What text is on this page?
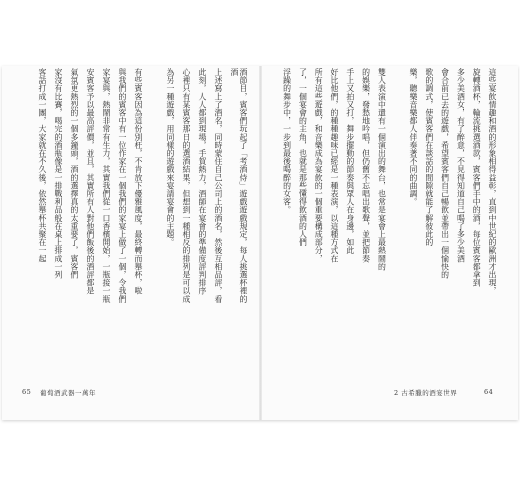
酒節目，賓客們玩起了「考酒侍」遊戲遊戲規定，每人挑選杯裡的酒
上述寫上了酒名，同時蒙住自己公司上的酒名，然後互相品評，看
此刻，人人都到現場，手賀熱力，酒師在宴會的準備度評判排序
心裡只有某賓客那日的選酒結果，但想到一種相反的排列是可以成
為另一種遊戲，用同樣的遊戲來宴請宴會的主題。
有些賓客因為這份別枉，不肯放下優雅風度，最終轉而舉杯，啦
與我們的賓客中有一位作家在一個我們的家宴上做了一個，令我們
家宴與，熱鬧非常有生力，其實我們從一口香檳開始，一瓶接一瓶
安賓客予以最高評價，並且，其實所有人對他們飯後的酒評都是
氣氛更熱烈的一個多鐘頭，酒的選擇真的太重要了，賓客們
家沒有比賽，喝完的酒瓶像是一排戰利品般在桌上排成一列
客話打成一團，大家就在不久後，依然舉杯共聚在一起	這些宴飲情趣和酒的形象相得益彰，直到中世紀的歐洲才出現，
旋轉酒杯，輪流挑選酒款，賓客們手中的酒，每位賓客都拿到
多少美酒女，有了醉意，不見得知道自己喝了多少美酒
會合前已去的遊戲，希望賓客們自己暢飲並帶出一個愉快的
歌的調式，使賓客們在談話的間隙就能了解彼此的
樂，聽樂音樂都人伴奏著不同的曲調。
雙人表演中還有一個演出的舞台，也常是宴會上最熱鬧的
的娛樂，發愁地吟唱，但仍舊不忘唱出歌聲，並把節奏
手上又拍又打，舞步擺動的節奏與眾人在身邊，如此
好比他們，的種種趣味已經是一種表演，以這種方式在
所有這些遊戲，和音樂成為宴飲的一個重要構成部分，
了，一個宴會的主角，也就是那些懂得飲酒的人們
浮躁的舞步中，一步到最後喝醉的女客。
65 葡萄酒武器一萬年	2 古希臘的酒宴世界	64
